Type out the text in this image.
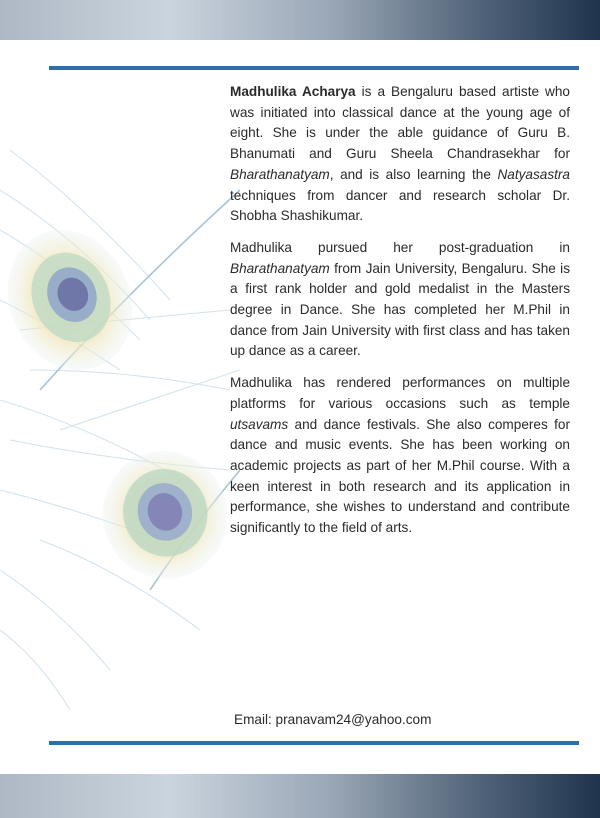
Madhulika Acharya is a Bengaluru based artiste who was initiated into classical dance at the young age of eight. She is under the able guidance of Guru B. Bhanumati and Guru Sheela Chandrasekhar for Bharathanatyam, and is also learning the Natyasastra techniques from dancer and research scholar Dr. Shobha Shashikumar.

Madhulika pursued her post-graduation in Bharathanatyam from Jain University, Bengaluru. She is a first rank holder and gold medalist in the Masters degree in Dance. She has completed her M.Phil in dance from Jain University with first class and has taken up dance as a career.

Madhulika has rendered performances on multiple platforms for various occasions such as temple utsavams and dance festivals. She also comperes for dance and music events. She has been working on academic projects as part of her M.Phil course. With a keen interest in both research and its application in performance, she wishes to understand and contribute significantly to the field of arts.

Email: pranavam24@yahoo.com
